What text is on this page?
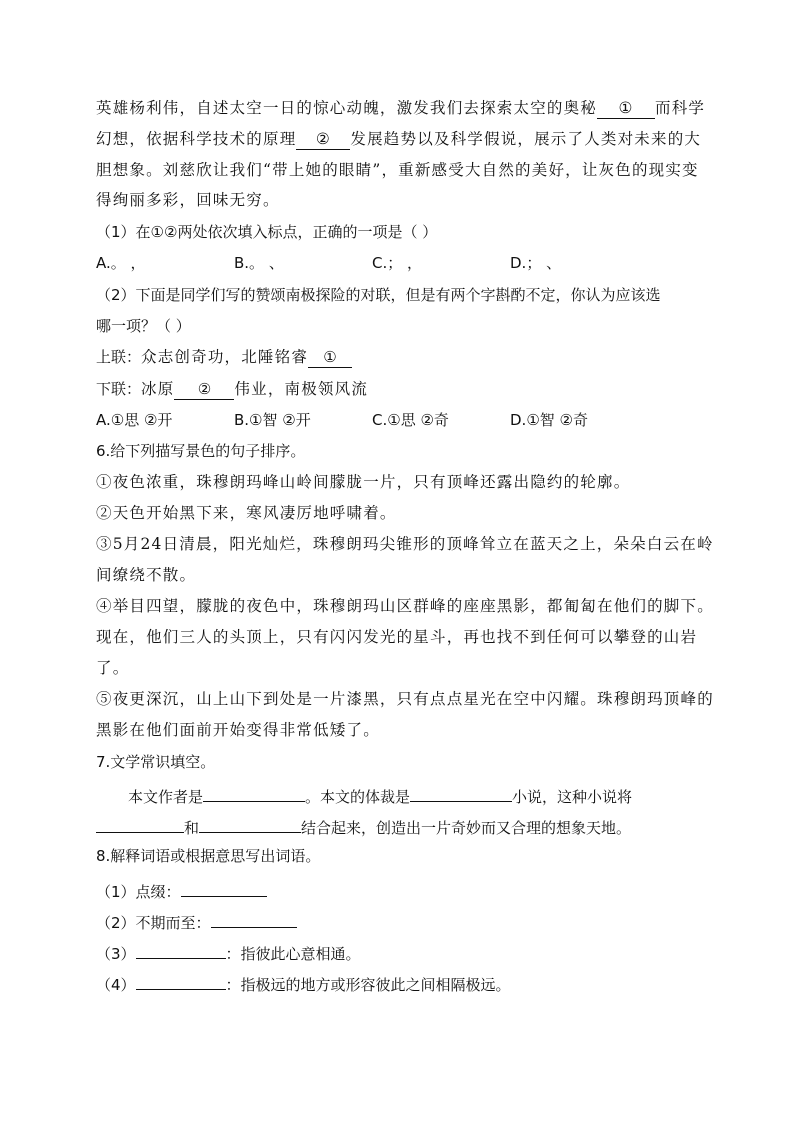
英雄杨利伟，自述太空一日的惊心动魄，激发我们去探索太空的奥秘 ① 而科学
幻想，依据科学技术的原理 ② 发展趋势以及科学假说，展示了人类对未来的大
胆想象。刘慈欣让我们“带上她的眼睛”，重新感受大自然的美好，让灰色的现实变
得绚丽多彩，回味无穷。
（1）在①②两处依次填入标点，正确的一项是（ ）
A.。 ，	B.。 、	C.； ，	D.； 、
（2）下面是同学们写的赞颂南极探险的对联，但是有两个字斟酌不定，你认为应该选
哪一项？（ ）
上联：众志创奇功，北陲铭睿 ①
下联：冰原 ② 伟业，南极领风流
A.①思 ②开	B.①智 ②开	C.①思 ②奇	D.①智 ②奇
6.给下列描写景色的句子排序。
①夜色浓重，珠穆朗玛峰山岭间朦胧一片，只有顶峰还露出隐约的轮廓。
②天色开始黑下来，寒风凄厉地呼啸着。
③5月24日清晨，阳光灿烂，珠穆朗玛尖锥形的顶峰耸立在蓝天之上，朵朵白云在岭
间缭绕不散。
④举目四望，朦胧的夜色中，珠穆朗玛山区群峰的座座黑影，都匍匐在他们的脚下。
现在，他们三人的头顶上，只有闪闪发光的星斗，再也找不到任何可以攀登的山岩
了。
⑤夜更深沉，山上山下到处是一片漆黑，只有点点星光在空中闪耀。珠穆朗玛顶峰的
黑影在他们面前开始变得非常低矮了。
7.文学常识填空。
本文作者是	。本文的体裁是	小说，这种小说将
和	结合起来，创造出一片奇妙而又合理的想象天地。
8.解释词语或根据意思写出词语。
（1）点缀：
（2）不期而至：
（3）	：指彼此心意相通。
（4）	：指极远的地方或形容彼此之间相隔极远。
